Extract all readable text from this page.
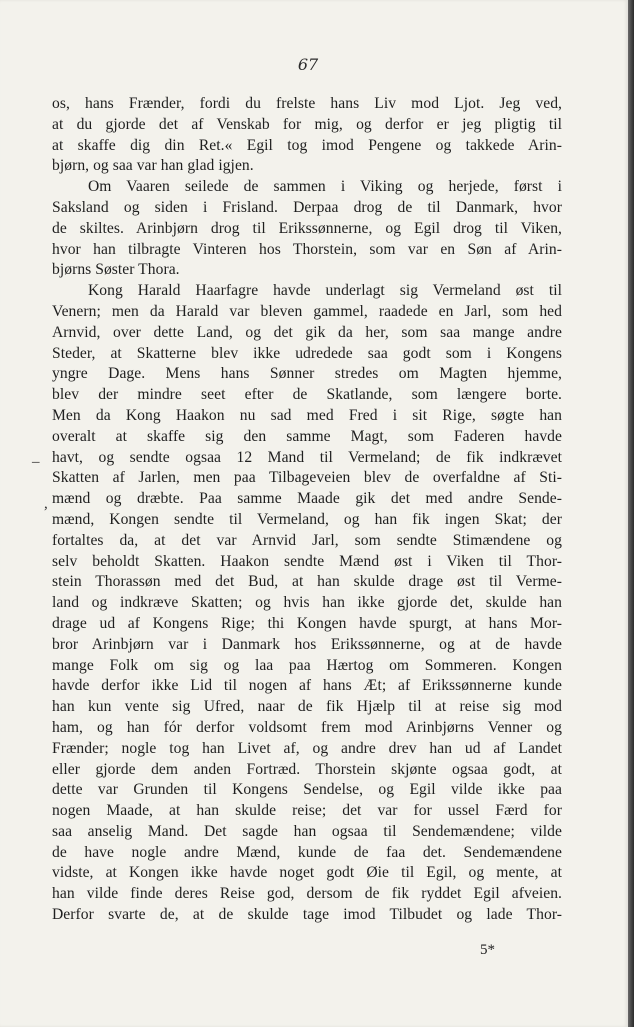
67
–
,
os, hans Frænder, fordi du frelste hans Liv mod Ljot. Jeg ved,
at du gjorde det af Venskab for mig, og derfor er jeg pligtig til
at skaffe dig din Ret.« Egil tog imod Pengene og takkede Arin-
bjørn, og saa var han glad igjen.
Om Vaaren seilede de sammen i Viking og herjede, først i
Saksland og siden i Frisland. Derpaa drog de til Danmark, hvor
de skiltes. Arinbjørn drog til Erikssønnerne, og Egil drog til Viken,
hvor han tilbragte Vinteren hos Thorstein, som var en Søn af Arin-
bjørns Søster Thora.
Kong Harald Haarfagre havde underlagt sig Vermeland øst til
Venern; men da Harald var bleven gammel, raadede en Jarl, som hed
Arnvid, over dette Land, og det gik da her, som saa mange andre
Steder, at Skatterne blev ikke udredede saa godt som i Kongens
yngre Dage. Mens hans Sønner stredes om Magten hjemme,
blev der mindre seet efter de Skatlande, som længere borte.
Men da Kong Haakon nu sad med Fred i sit Rige, søgte han
overalt at skaffe sig den samme Magt, som Faderen havde
havt, og sendte ogsaa 12 Mand til Vermeland; de fik indkrævet
Skatten af Jarlen, men paa Tilbageveien blev de overfaldne af Sti-
mænd og dræbte. Paa samme Maade gik det med andre Sende-
mænd, Kongen sendte til Vermeland, og han fik ingen Skat; der
fortaltes da, at det var Arnvid Jarl, som sendte Stimændene og
selv beholdt Skatten. Haakon sendte Mænd øst i Viken til Thor-
stein Thorassøn med det Bud, at han skulde drage øst til Verme-
land og indkræve Skatten; og hvis han ikke gjorde det, skulde han
drage ud af Kongens Rige; thi Kongen havde spurgt, at hans Mor-
bror Arinbjørn var i Danmark hos Erikssønnerne, og at de havde
mange Folk om sig og laa paa Hærtog om Sommeren. Kongen
havde derfor ikke Lid til nogen af hans Æt; af Erikssønnerne kunde
han kun vente sig Ufred, naar de fik Hjælp til at reise sig mod
ham, og han fór derfor voldsomt frem mod Arinbjørns Venner og
Frænder; nogle tog han Livet af, og andre drev han ud af Landet
eller gjorde dem anden Fortræd. Thorstein skjønte ogsaa godt, at
dette var Grunden til Kongens Sendelse, og Egil vilde ikke paa
nogen Maade, at han skulde reise; det var for ussel Færd for
saa anselig Mand. Det sagde han ogsaa til Sendemændene; vilde
de have nogle andre Mænd, kunde de faa det. Sendemændene
vidste, at Kongen ikke havde noget godt Øie til Egil, og mente, at
han vilde finde deres Reise god, dersom de fik ryddet Egil afveien.
Derfor svarte de, at de skulde tage imod Tilbudet og lade Thor-
5*
